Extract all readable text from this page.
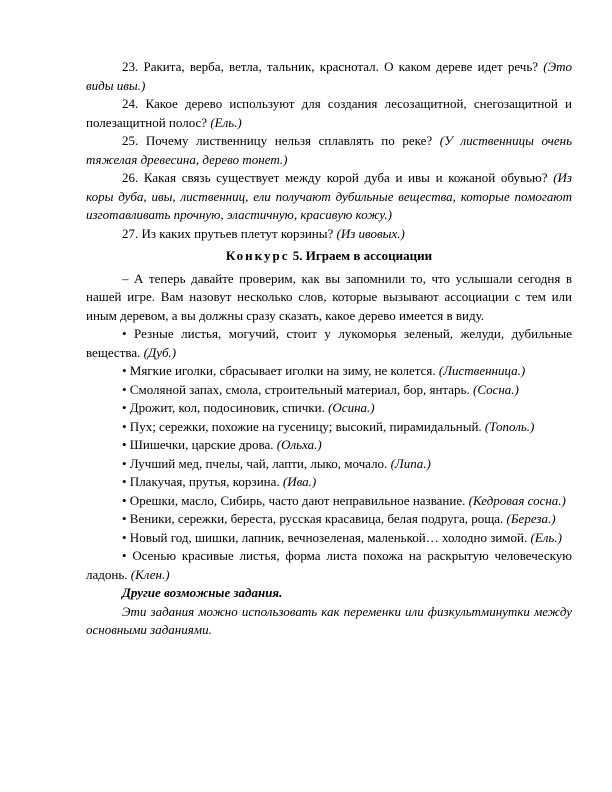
23. Ракита, верба, ветла, тальник, краснотал. О каком дереве идет речь? (Это виды ивы.)

24. Какое дерево используют для создания лесозащитной, снегозащитной и полезащитной полос? (Ель.)

25. Почему лиственницу нельзя сплавлять по реке? (У лиственницы очень тяжелая древесина, дерево тонет.)

26. Какая связь существует между корой дуба и ивы и кожаной обувью? (Из коры дуба, ивы, лиственниц, ели получают дубильные вещества, которые помогают изготавливать прочную, эластичную, красивую кожу.)

27. Из каких прутьев плетут корзины? (Из ивовых.)

Конкурс 5. Играем в ассоциации

– А теперь давайте проверим, как вы запомнили то, что услышали сегодня в нашей игре. Вам назовут несколько слов, которые вызывают ассоциации с тем или иным деревом, а вы должны сразу сказать, какое дерево имеется в виду.

• Резные листья, могучий, стоит у лукоморья зеленый, желуди, дубильные вещества. (Дуб.)

• Мягкие иголки, сбрасывает иголки на зиму, не колется. (Лиственница.)

• Смоляной запах, смола, строительный материал, бор, янтарь. (Сосна.)

• Дрожит, кол, подосиновик, спички. (Осина.)

• Пух; сережки, похожие на гусеницу; высокий, пирамидальный. (Тополь.)

• Шишечки, царские дрова. (Ольха.)

• Лучший мед, пчелы, чай, лапти, лыко, мочало. (Липа.)

• Плакучая, прутья, корзина. (Ива.)

• Орешки, масло, Сибирь, часто дают неправильное название. (Кедровая сосна.)

• Веники, сережки, береста, русская красавица, белая подруга, роща. (Береза.)

• Новый год, шишки, лапник, вечнозеленая, маленькой… холодно зимой. (Ель.)

• Осенью красивые листья, форма листа похожа на раскрытую человеческую ладонь. (Клен.)

Другие возможные задания.

Эти задания можно использовать как переменки или физкультминутки между основными заданиями.
